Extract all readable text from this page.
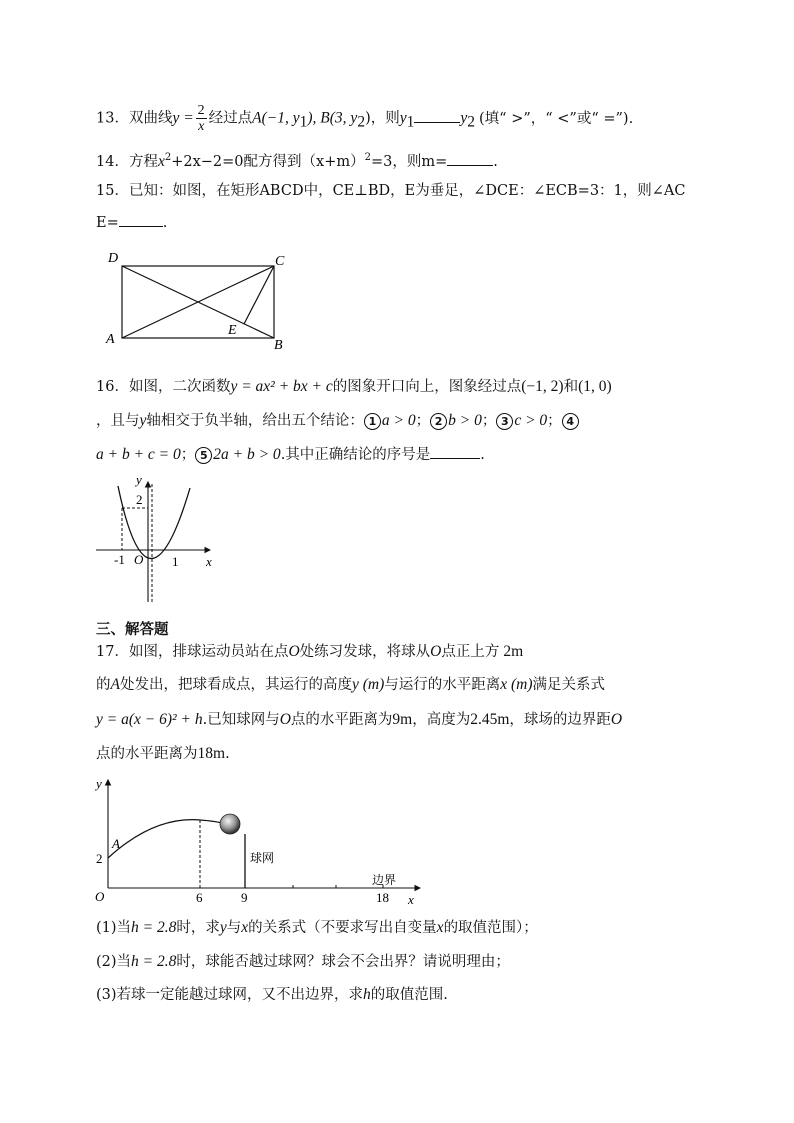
13．双曲线$y = \frac{2}{x}$ 经过点A(−1, $y_1$), B(3, $y_2$)，则$y_1$	$y_2$ (填“ >”，“ <”或“ =”).
14．方程$x^2+2x-2=0$配方得到$(x+m)^2=3$，则m=	.
15．已知：如图，在矩形ABCD中，CE⊥BD，E为垂足，∠DCE：∠ECB=3：1，则∠AC
E=	.
D	C
A	B
E
16．如图，二次函数y = ax² + bx + c的图象开口向上，图象经过点(−1, 2)和(1, 0)
，且与y轴相交于负半轴，给出五个结论： 1 a > 0； 2 b > 0； 3 c > 0； 4
a + b + c = 0； 5 2a + b > 0.其中正确结论的序号是	.
y
x
2
-1 O 1
三、解答题
17．如图，排球运动员站在点O处练习发球，将球从O点正上方 2m
的A处发出，把球看成点，其运行的高度y (m)与运行的水平距离x (m)满足关系式
y = a(x − 6)² + h.已知球网与O点的水平距离为9m，高度为2.45m，球场的边界距O
点的水平距离为18m.
y
A
2
O	6	9
球网
边界
18 x
(1)当h = 2.8时，求y与x的关系式（不要求写出自变量x的取值范围）；
(2)当h = 2.8时，球能否越过球网？球会不会出界？请说明理由；
(3)若球一定能越过球网，又不出边界，求h的取值范围.
